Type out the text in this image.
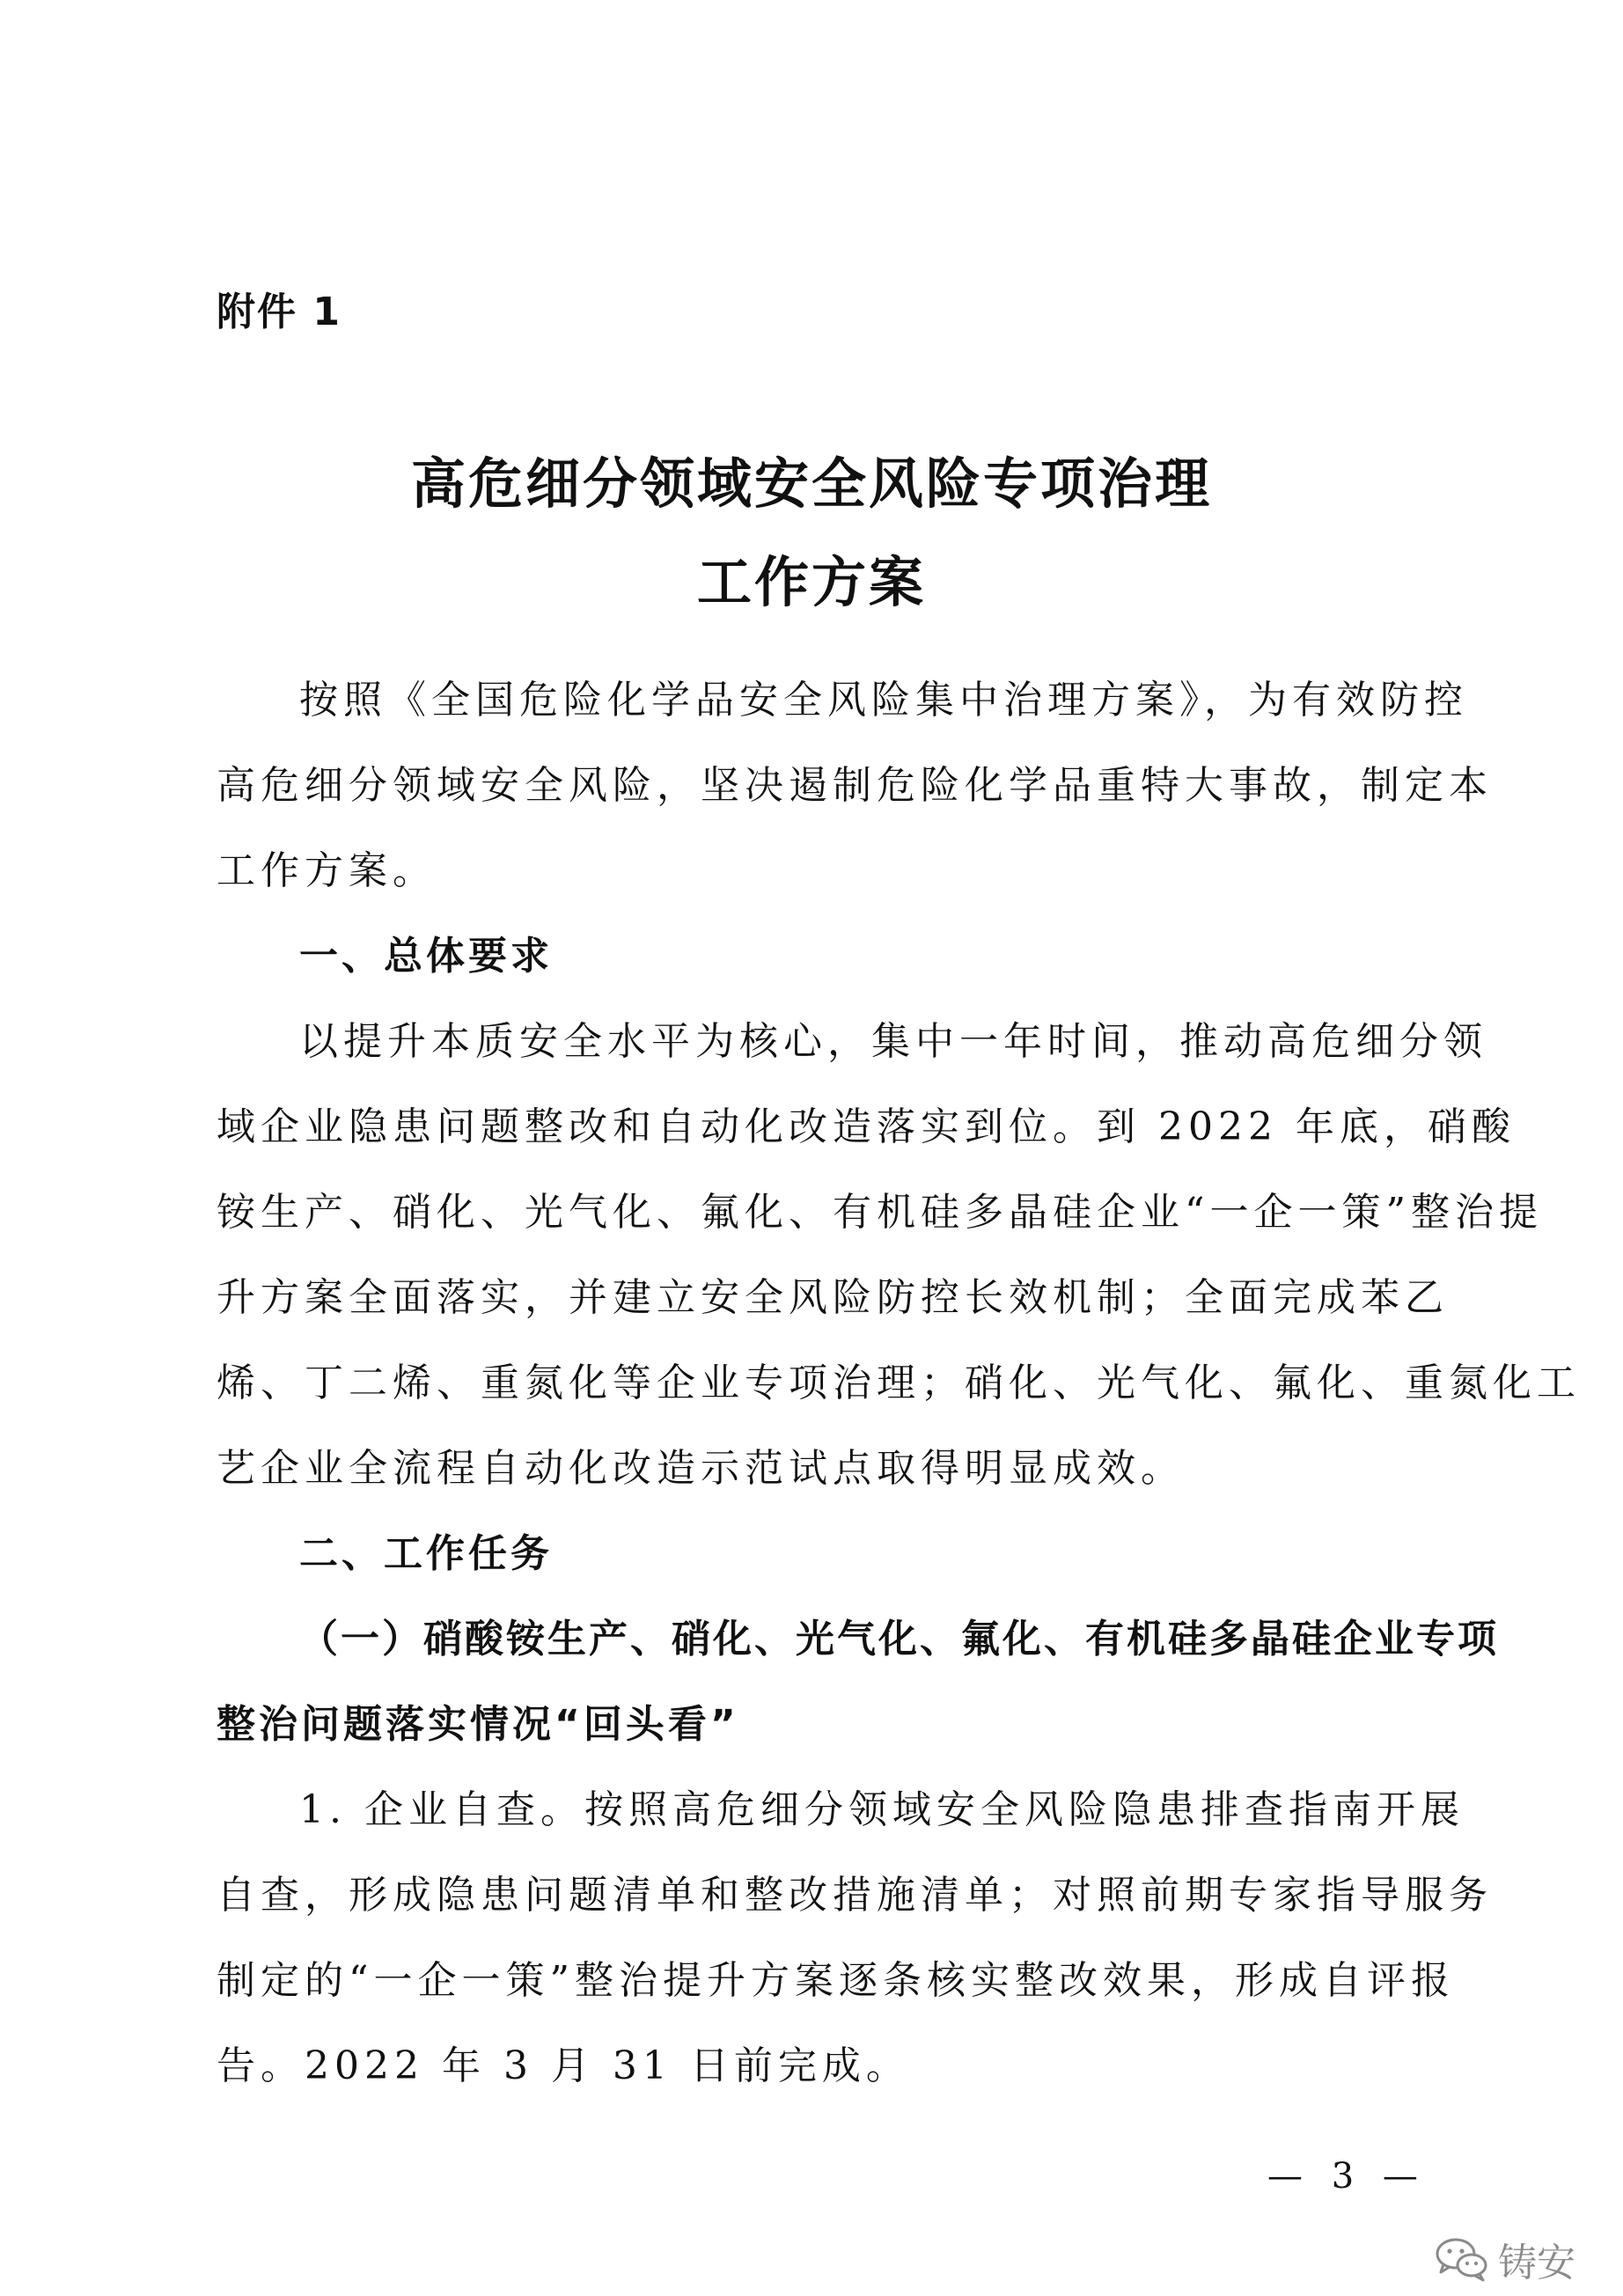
附件 1
高危细分领域安全风险专项治理
工作方案
按照《全国危险化学品安全风险集中治理方案》，为有效防控
高危细分领域安全风险，坚决遏制危险化学品重特大事故，制定本
工作方案。
一、总体要求
以提升本质安全水平为核心，集中一年时间，推动高危细分领
域企业隐患问题整改和自动化改造落实到位。到 2022 年底，硝酸
铵生产、硝化、光气化、氟化、有机硅多晶硅企业“一企一策”整治提
升方案全面落实，并建立安全风险防控长效机制；全面完成苯乙
烯、丁二烯、重氮化等企业专项治理；硝化、光气化、氟化、重氮化工
艺企业全流程自动化改造示范试点取得明显成效。
二、工作任务
（一）硝酸铵生产、硝化、光气化、氟化、有机硅多晶硅企业专项
整治问题落实情况“回头看”
1. 企业自查。按照高危细分领域安全风险隐患排查指南开展
自查，形成隐患问题清单和整改措施清单；对照前期专家指导服务
制定的“一企一策”整治提升方案逐条核实整改效果，形成自评报
告。2022 年 3 月 31 日前完成。
— 3 —
铸安
